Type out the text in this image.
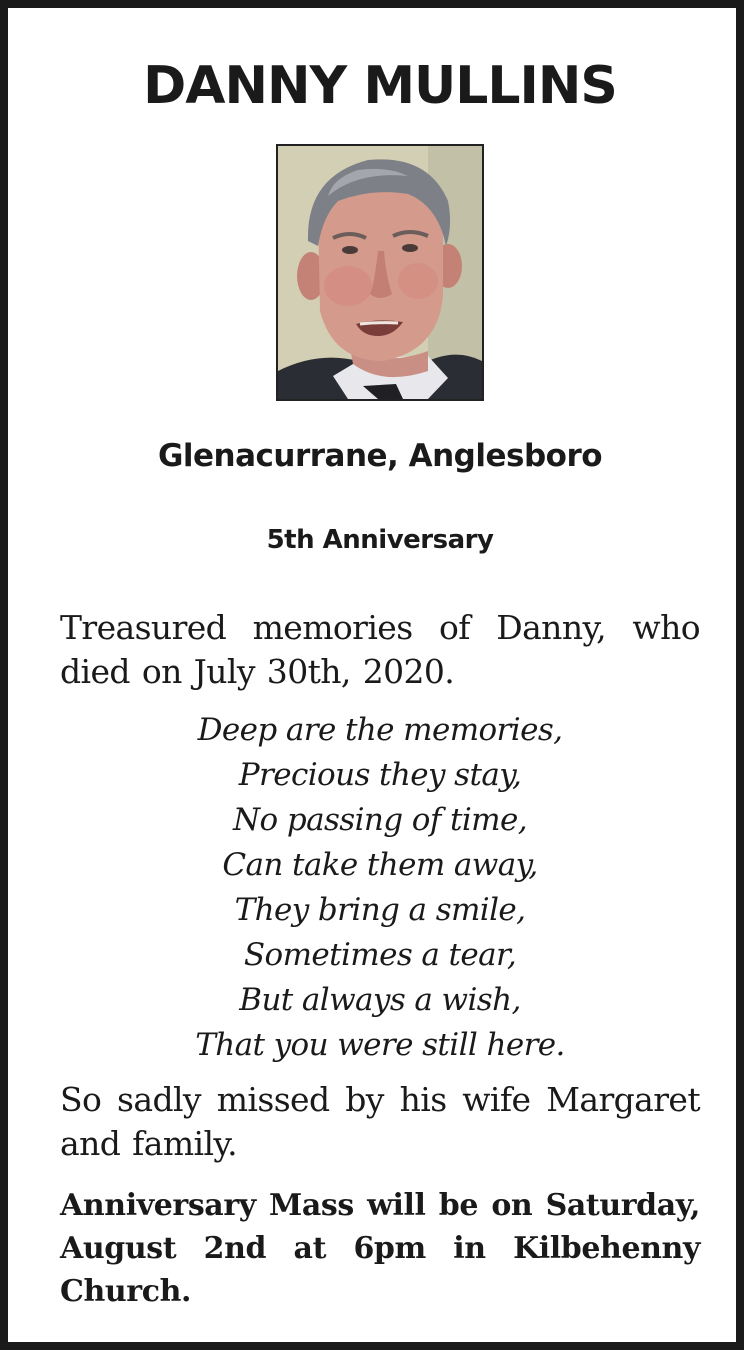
DANNY MULLINS
Glenacurrane, Anglesboro
5th Anniversary
Treasured memories of Danny, who died on July 30th, 2020.
Deep are the memories,
Precious they stay,
No passing of time,
Can take them away,
They bring a smile,
Sometimes a tear,
But always a wish,
That you were still here.
So sadly missed by his wife Margaret and family.
Anniversary Mass will be on Saturday, August 2nd at 6pm in Kilbehenny Church.
